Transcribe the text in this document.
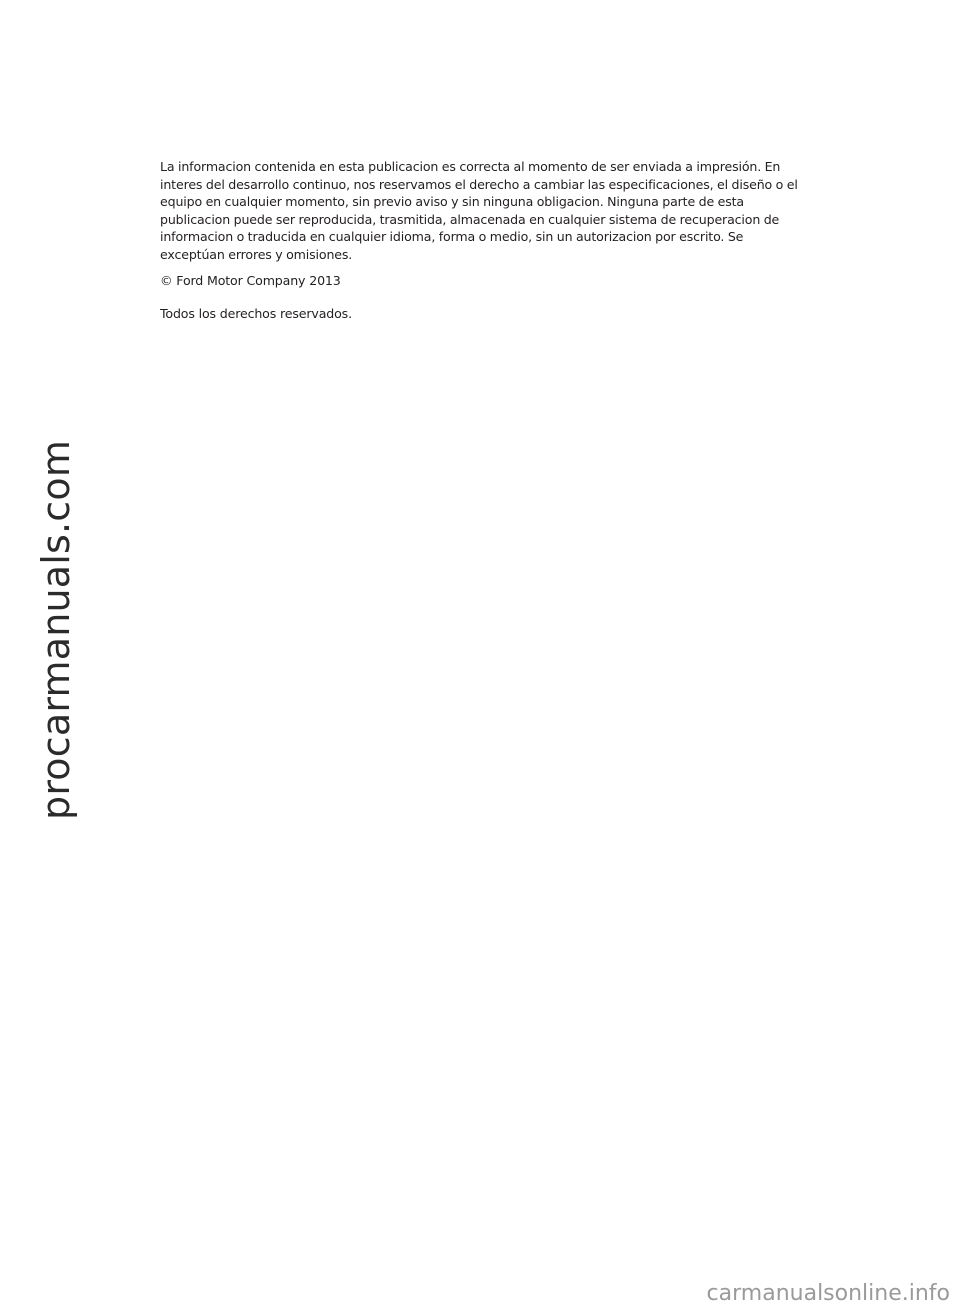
La informacion contenida en esta publicacion es correcta al momento de ser enviada a impresión. En interes del desarrollo continuo, nos reservamos el derecho a cambiar las especificaciones, el diseño o el equipo en cualquier momento, sin previo aviso y sin ninguna obligacion. Ninguna parte de esta publicacion puede ser reproducida, trasmitida, almacenada en cualquier sistema de recuperacion de informacion o traducida en cualquier idioma, forma o medio, sin un autorizacion por escrito. Se exceptúan errores y omisiones.

© Ford Motor Company 2013

Todos los derechos reservados.

procarmanuals.com
carmanualsonline.info
